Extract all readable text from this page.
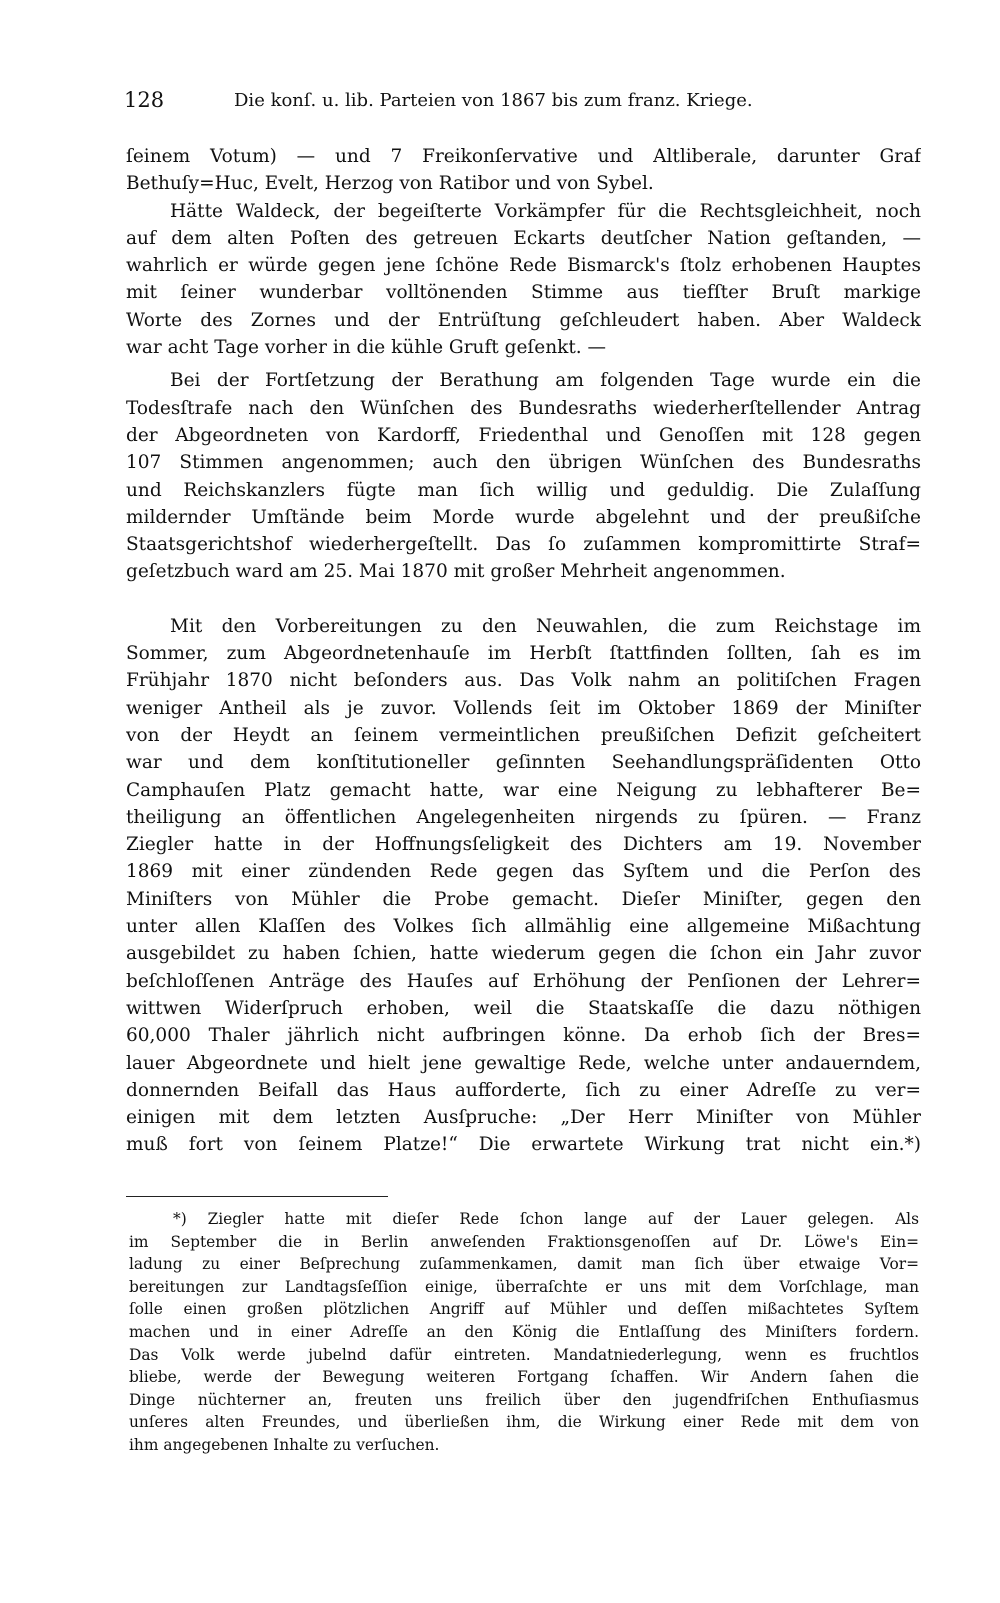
128	Die konſ. u. lib. Parteien von 1867 bis zum franz. Kriege.
ſeinem Votum) — und 7 Freikonſervative und Altliberale, darunter Graf
Bethuſy=Huc, Evelt, Herzog von Ratibor und von Sybel.
Hätte Waldeck, der begeiſterte Vorkämpfer für die Rechtsgleichheit, noch
auf dem alten Poſten des getreuen Eckarts deutſcher Nation geſtanden, —
wahrlich er würde gegen jene ſchöne Rede Bismarck's ſtolz erhobenen Hauptes
mit ſeiner wunderbar volltönenden Stimme aus tiefſter Bruſt markige
Worte des Zornes und der Entrüſtung geſchleudert haben. Aber Waldeck
war acht Tage vorher in die kühle Gruft geſenkt. —
Bei der Fortſetzung der Berathung am folgenden Tage wurde ein die
Todesſtrafe nach den Wünſchen des Bundesraths wiederherſtellender Antrag
der Abgeordneten von Kardorff, Friedenthal und Genoſſen mit 128 gegen
107 Stimmen angenommen; auch den übrigen Wünſchen des Bundesraths
und Reichskanzlers fügte man ſich willig und geduldig. Die Zulaſſung
mildernder Umſtände beim Morde wurde abgelehnt und der preußiſche
Staatsgerichtshof wiederhergeſtellt. Das ſo zuſammen kompromittirte Straf=
geſetzbuch ward am 25. Mai 1870 mit großer Mehrheit angenommen.
Mit den Vorbereitungen zu den Neuwahlen, die zum Reichstage im
Sommer, zum Abgeordnetenhauſe im Herbſt ſtattfinden ſollten, ſah es im
Frühjahr 1870 nicht beſonders aus. Das Volk nahm an politiſchen Fragen
weniger Antheil als je zuvor. Vollends ſeit im Oktober 1869 der Miniſter
von der Heydt an ſeinem vermeintlichen preußiſchen Defizit geſcheitert
war und dem konſtitutioneller geſinnten Seehandlungspräſidenten Otto
Camphauſen Platz gemacht hatte, war eine Neigung zu lebhafterer Be=
theiligung an öffentlichen Angelegenheiten nirgends zu ſpüren. — Franz
Ziegler hatte in der Hoffnungsſeligkeit des Dichters am 19. November
1869 mit einer zündenden Rede gegen das Syſtem und die Perſon des
Miniſters von Mühler die Probe gemacht. Dieſer Miniſter, gegen den
unter allen Klaſſen des Volkes ſich allmählig eine allgemeine Mißachtung
ausgebildet zu haben ſchien, hatte wiederum gegen die ſchon ein Jahr zuvor
beſchloſſenen Anträge des Hauſes auf Erhöhung der Penſionen der Lehrer=
wittwen Widerſpruch erhoben, weil die Staatskaſſe die dazu nöthigen
60,000 Thaler jährlich nicht aufbringen könne. Da erhob ſich der Bres=
lauer Abgeordnete und hielt jene gewaltige Rede, welche unter andauerndem,
donnernden Beifall das Haus aufforderte, ſich zu einer Adreſſe zu ver=
einigen mit dem letzten Ausſpruche: „Der Herr Miniſter von Mühler
muß fort von ſeinem Platze!“ Die erwartete Wirkung trat nicht ein.*)
*) Ziegler hatte mit dieſer Rede ſchon lange auf der Lauer gelegen. Als
im September die in Berlin anweſenden Fraktionsgenoſſen auf Dr. Löwe's Ein=
ladung zu einer Beſprechung zuſammenkamen, damit man ſich über etwaige Vor=
bereitungen zur Landtagsſeſſion einige, überraſchte er uns mit dem Vorſchlage, man
ſolle einen großen plötzlichen Angriff auf Mühler und deſſen mißachtetes Syſtem
machen und in einer Adreſſe an den König die Entlaſſung des Miniſters fordern.
Das Volk werde jubelnd dafür eintreten. Mandatniederlegung, wenn es fruchtlos
bliebe, werde der Bewegung weiteren Fortgang ſchaffen. Wir Andern ſahen die
Dinge nüchterner an, freuten uns freilich über den jugendfriſchen Enthuſiasmus
unſeres alten Freundes, und überließen ihm, die Wirkung einer Rede mit dem von
ihm angegebenen Inhalte zu verſuchen.
